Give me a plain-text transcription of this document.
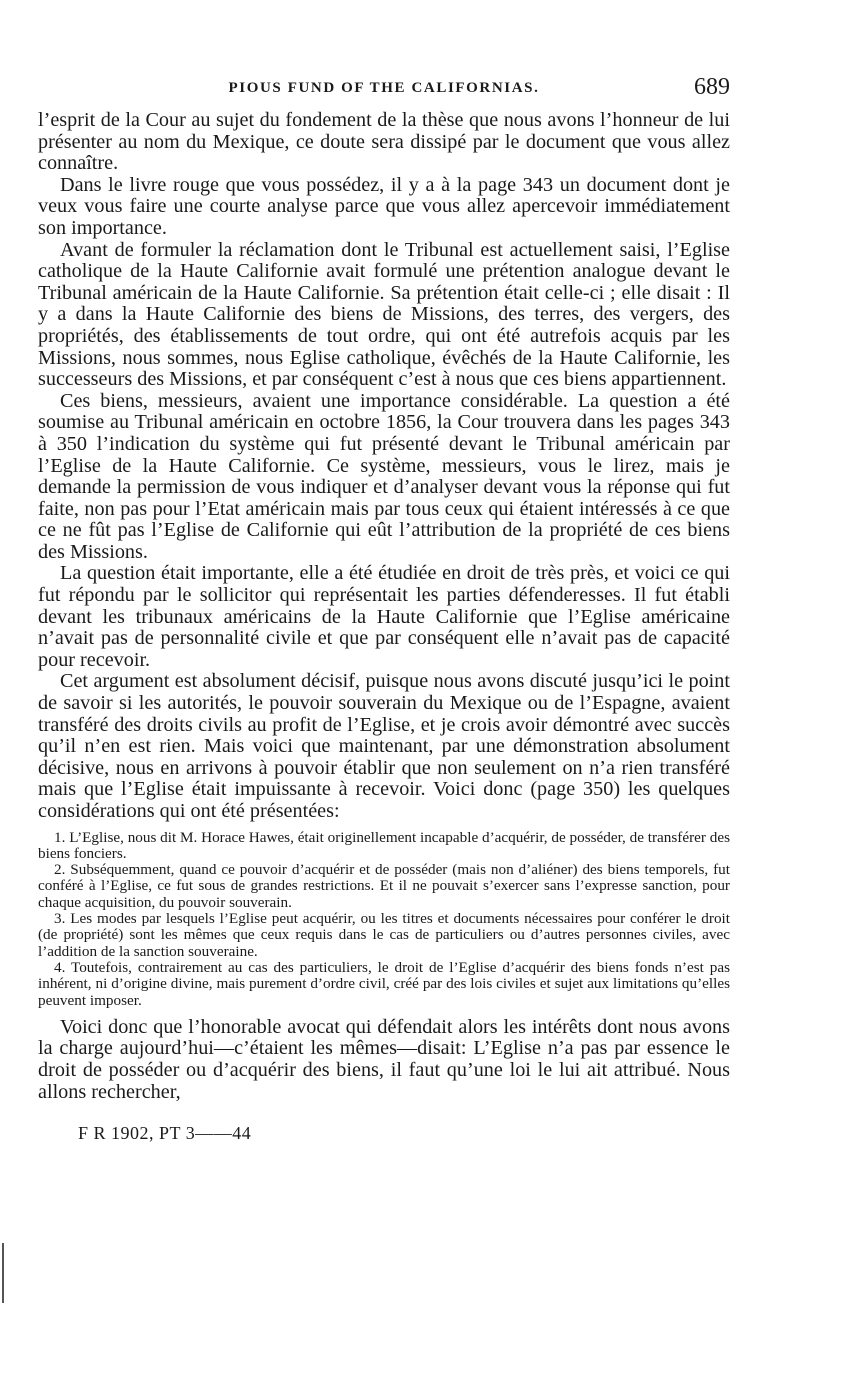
PIOUS FUND OF THE CALIFORNIAS.	689

l’esprit de la Cour au sujet du fondement de la thèse que nous avons l’honneur de lui présenter au nom du Mexique, ce doute sera dissipé par le document que vous allez connaître.

Dans le livre rouge que vous possédez, il y a à la page 343 un document dont je veux vous faire une courte analyse parce que vous allez apercevoir immédiatement son importance.

Avant de formuler la réclamation dont le Tribunal est actuellement saisi, l’Eglise catholique de la Haute Californie avait formulé une prétention analogue devant le Tribunal américain de la Haute Californie. Sa prétention était celle-ci ; elle disait : Il y a dans la Haute Californie des biens de Missions, des terres, des vergers, des propriétés, des établissements de tout ordre, qui ont été autrefois acquis par les Missions, nous sommes, nous Eglise catholique, évêchés de la Haute Californie, les successeurs des Missions, et par conséquent c’est à nous que ces biens appartiennent.

Ces biens, messieurs, avaient une importance considérable. La question a été soumise au Tribunal américain en octobre 1856, la Cour trouvera dans les pages 343 à 350 l’indication du système qui fut présenté devant le Tribunal américain par l’Eglise de la Haute Californie. Ce système, messieurs, vous le lirez, mais je demande la permission de vous indiquer et d’analyser devant vous la réponse qui fut faite, non pas pour l’Etat américain mais par tous ceux qui étaient intéressés à ce que ce ne fût pas l’Eglise de Californie qui eût l’attribution de la propriété de ces biens des Missions.

La question était importante, elle a été étudiée en droit de très près, et voici ce qui fut répondu par le sollicitor qui représentait les parties défenderesses. Il fut établi devant les tribunaux américains de la Haute Californie que l’Eglise américaine n’avait pas de personnalité civile et que par conséquent elle n’avait pas de capacité pour recevoir.

Cet argument est absolument décisif, puisque nous avons discuté jusqu’ici le point de savoir si les autorités, le pouvoir souverain du Mexique ou de l’Espagne, avaient transféré des droits civils au profit de l’Eglise, et je crois avoir démontré avec succès qu’il n’en est rien. Mais voici que maintenant, par une démonstration absolument décisive, nous en arrivons à pouvoir établir que non seulement on n’a rien transféré mais que l’Eglise était impuissante à recevoir. Voici donc (page 350) les quelques considérations qui ont été présentées:

1. L’Eglise, nous dit M. Horace Hawes, était originellement incapable d’acquérir, de posséder, de transférer des biens fonciers.

2. Subséquemment, quand ce pouvoir d’acquérir et de posséder (mais non d’aliéner) des biens temporels, fut conféré à l’Eglise, ce fut sous de grandes restrictions. Et il ne pouvait s’exercer sans l’expresse sanction, pour chaque acquisition, du pouvoir souverain.

3. Les modes par lesquels l’Eglise peut acquérir, ou les titres et documents nécessaires pour conférer le droit (de propriété) sont les mêmes que ceux requis dans le cas de particuliers ou d’autres personnes civiles, avec l’addition de la sanction souveraine.

4. Toutefois, contrairement au cas des particuliers, le droit de l’Eglise d’acquérir des biens fonds n’est pas inhérent, ni d’origine divine, mais purement d’ordre civil, créé par des lois civiles et sujet aux limitations qu’elles peuvent imposer.

Voici donc que l’honorable avocat qui défendait alors les intérêts dont nous avons la charge aujourd’hui—c’étaient les mêmes—disait: L’Eglise n’a pas par essence le droit de posséder ou d’acquérir des biens, il faut qu’une loi le lui ait attribué. Nous allons rechercher,

F R 1902, PT 3——44
